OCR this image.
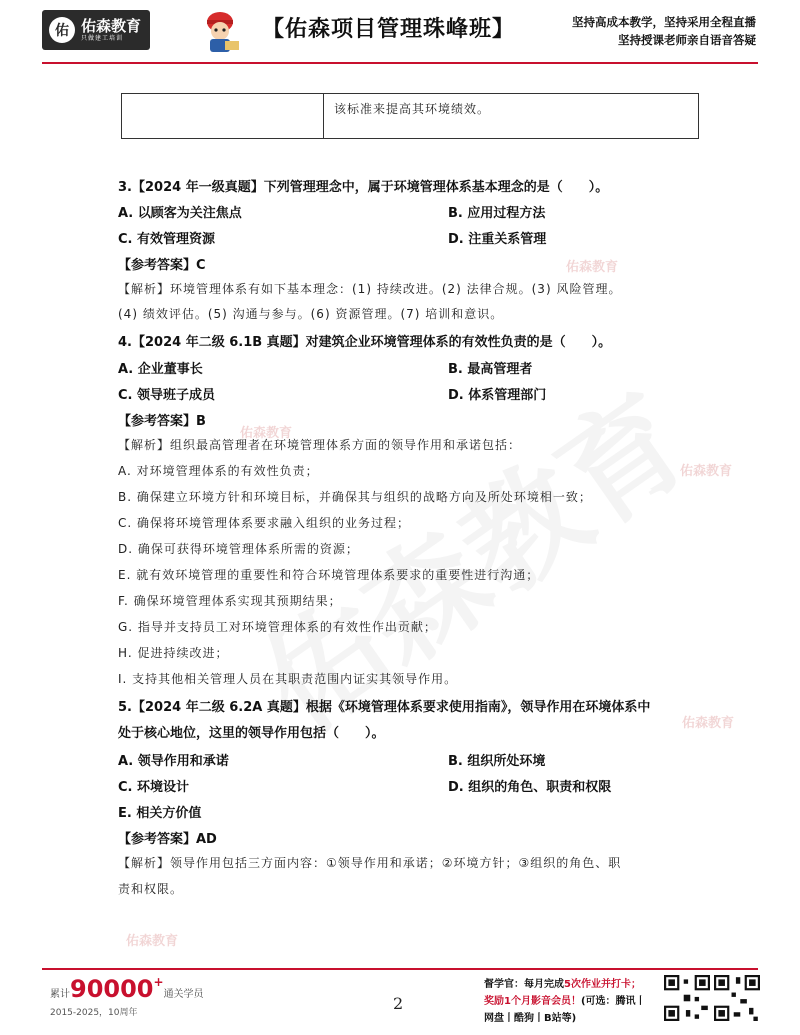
佑 佑森教育
只做建工培训	【佑森项目管理珠峰班】	坚持高成本教学，坚持采用全程直播
坚持授课老师亲自语音答疑
佑森教育
佑森教育
佑森教育
佑森教育
佑森教育
该标准来提高其环境绩效。
3.【2024 年一级真题】下列管理理念中，属于环境管理体系基本理念的是（　　）。
A. 以顾客为关注焦点	B. 应用过程方法
C. 有效管理资源	D. 注重关系管理
【参考答案】C
【解析】环境管理体系有如下基本理念：(1) 持续改进。(2) 法律合规。(3) 风险管理。
(4) 绩效评估。(5) 沟通与参与。(6) 资源管理。(7) 培训和意识。
4.【2024 年二级 6.1B 真题】对建筑企业环境管理体系的有效性负责的是（　　）。
A. 企业董事长	B. 最高管理者
C. 领导班子成员	D. 体系管理部门
【参考答案】B
【解析】组织最高管理者在环境管理体系方面的领导作用和承诺包括：
A. 对环境管理体系的有效性负责；
B. 确保建立环境方针和环境目标，并确保其与组织的战略方向及所处环境相一致；
C. 确保将环境管理体系要求融入组织的业务过程；
D. 确保可获得环境管理体系所需的资源；
E. 就有效环境管理的重要性和符合环境管理体系要求的重要性进行沟通；
F. 确保环境管理体系实现其预期结果；
G. 指导并支持员工对环境管理体系的有效性作出贡献；
H. 促进持续改进；
I. 支持其他相关管理人员在其职责范围内证实其领导作用。
5.【2024 年二级 6.2A 真题】根据《环境管理体系要求使用指南》，领导作用在环境体系中
处于核心地位，这里的领导作用包括（　　）。
A. 领导作用和承诺	B. 组织所处环境
C. 环境设计	D. 组织的角色、职责和权限
E. 相关方价值
【参考答案】AD
【解析】领导作用包括三方面内容：①领导作用和承诺；②环境方针；③组织的角色、职
责和权限。
累计90000+通关学员
2015-2025，10周年	2
督学官：每月完成5次作业并打卡；
奖励1个月影音会员！(可选：腾讯丨
网盘丨酷狗丨B站等)
